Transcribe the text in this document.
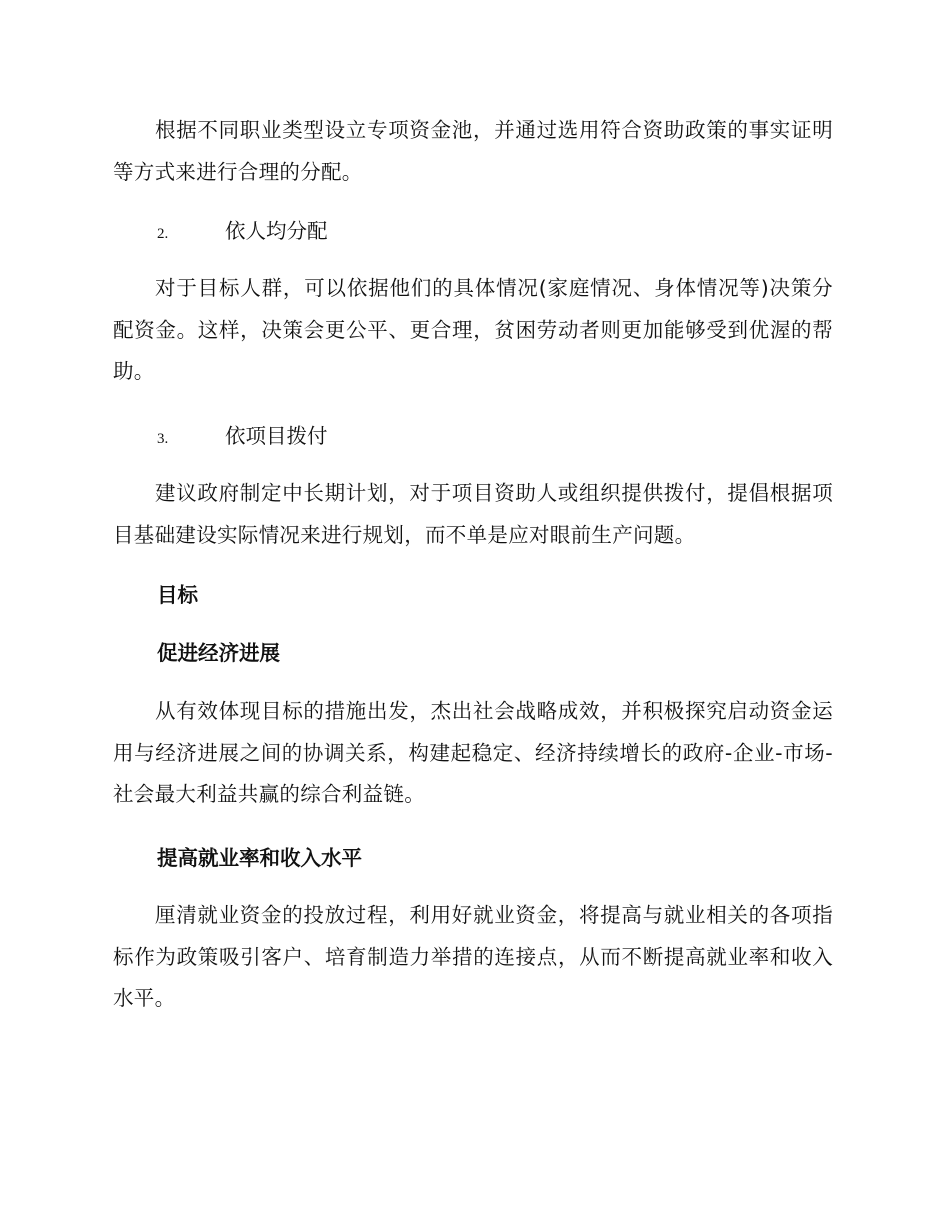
根据不同职业类型设立专项资金池，并通过选用符合资助政策的事实证明等方式来进行合理的分配。

2.	依人均分配

对于目标人群，可以依据他们的具体情况(家庭情况、身体情况等)决策分配资金。这样，决策会更公平、更合理，贫困劳动者则更加能够受到优渥的帮助。

3.	依项目拨付

建议政府制定中长期计划，对于项目资助人或组织提供拨付，提倡根据项目基础建设实际情况来进行规划，而不单是应对眼前生产问题。

目标
促进经济进展

从有效体现目标的措施出发，杰出社会战略成效，并积极探究启动资金运用与经济进展之间的协调关系，构建起稳定、经济持续增长的政府-企业-市场-社会最大利益共赢的综合利益链。

提高就业率和收入水平

厘清就业资金的投放过程，利用好就业资金，将提高与就业相关的各项指标作为政策吸引客户、培育制造力举措的连接点，从而不断提高就业率和收入水平。
